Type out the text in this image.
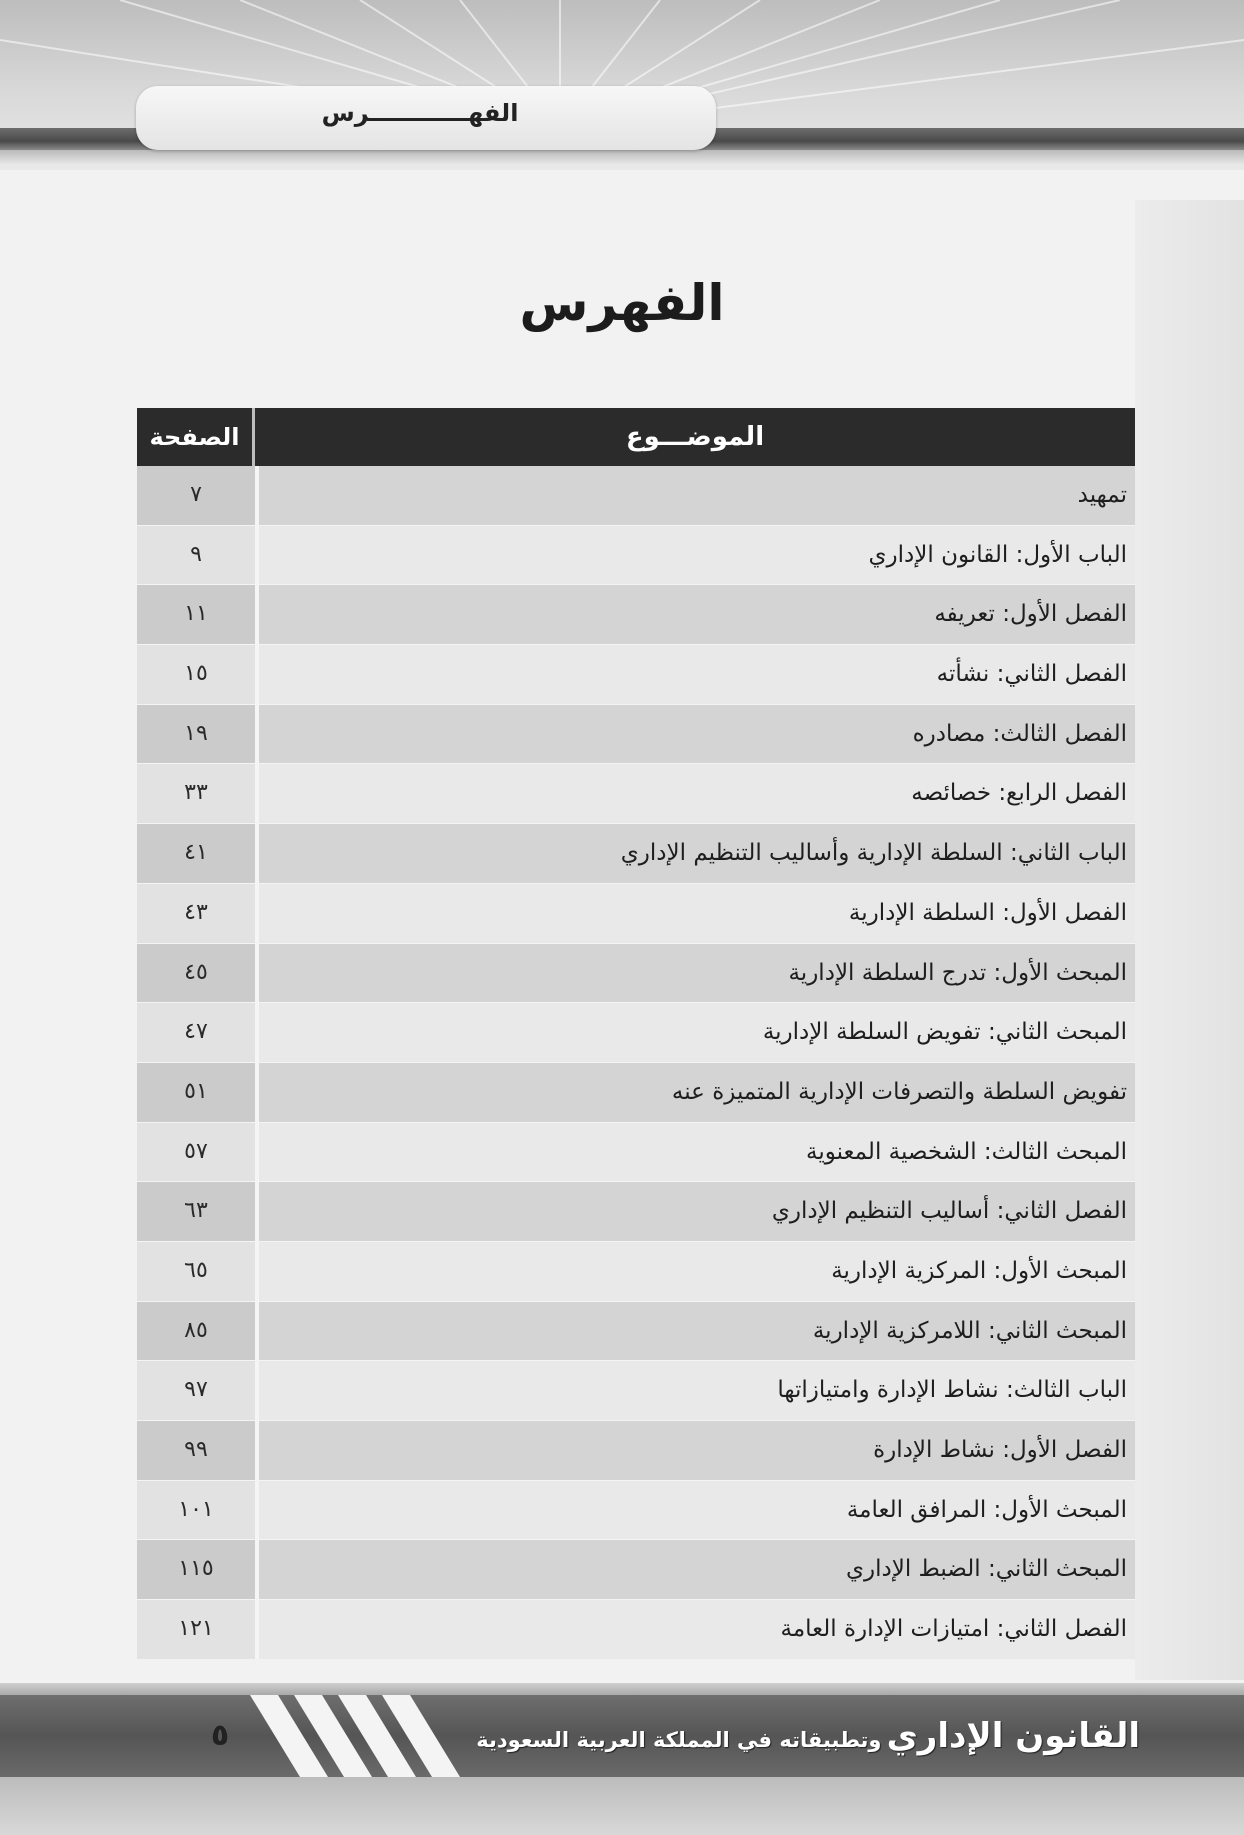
الفهــــــــــــرس
الفهرس
الموضـــوع
الصفحة
تمهيد
٧
الباب الأول: القانون الإداري
٩
الفصل الأول: تعريفه
١١
الفصل الثاني: نشأته
١٥
الفصل الثالث: مصادره
١٩
الفصل الرابع: خصائصه
٣٣
الباب الثاني: السلطة الإدارية وأساليب التنظيم الإداري
٤١
الفصل الأول: السلطة الإدارية
٤٣
المبحث الأول: تدرج السلطة الإدارية
٤٥
المبحث الثاني: تفويض السلطة الإدارية
٤٧
تفويض السلطة والتصرفات الإدارية المتميزة عنه
٥١
المبحث الثالث: الشخصية المعنوية
٥٧
الفصل الثاني: أساليب التنظيم الإداري
٦٣
المبحث الأول: المركزية الإدارية
٦٥
المبحث الثاني: اللامركزية الإدارية
٨٥
الباب الثالث: نشاط الإدارة وامتيازاتها
٩٧
الفصل الأول: نشاط الإدارة
٩٩
المبحث الأول: المرافق العامة
١٠١
المبحث الثاني: الضبط الإداري
١١٥
الفصل الثاني: امتيازات الإدارة العامة
١٢١
٥	القانون الإداري وتطبيقاته في المملكة العربية السعودية
